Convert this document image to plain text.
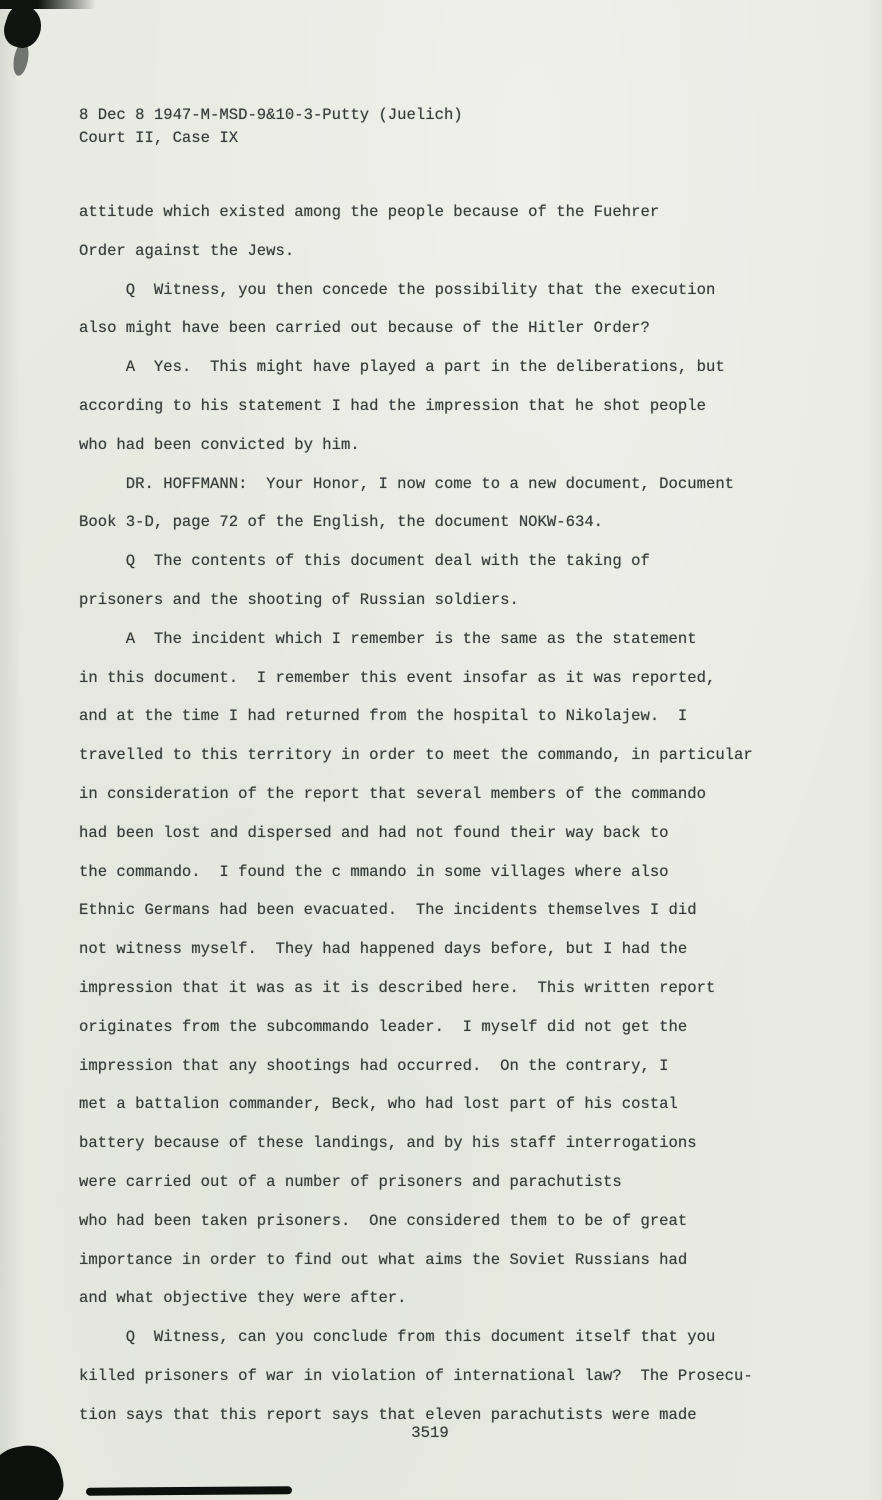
8 Dec 8 1947-M-MSD-9&10-3-Putty (Juelich)
Court II, Case IX
attitude which existed among the people because of the Fuehrer
Order against the Jews.
Q  Witness, you then concede the possibility that the execution
also might have been carried out because of the Hitler Order?
A  Yes.  This might have played a part in the deliberations, but
according to his statement I had the impression that he shot people
who had been convicted by him.
DR. HOFFMANN:  Your Honor, I now come to a new document, Document
Book 3-D, page 72 of the English, the document NOKW-634.
Q  The contents of this document deal with the taking of
prisoners and the shooting of Russian soldiers.
A  The incident which I remember is the same as the statement
in this document.  I remember this event insofar as it was reported,
and at the time I had returned from the hospital to Nikolajew.  I
travelled to this territory in order to meet the commando, in particular
in consideration of the report that several members of the commando
had been lost and dispersed and had not found their way back to
the commando.  I found the c mmando in some villages where also
Ethnic Germans had been evacuated.  The incidents themselves I did
not witness myself.  They had happened days before, but I had the
impression that it was as it is described here.  This written report
originates from the subcommando leader.  I myself did not get the
impression that any shootings had occurred.  On the contrary, I
met a battalion commander, Beck, who had lost part of his costal
battery because of these landings, and by his staff interrogations
were carried out of a number of prisoners and parachutists
who had been taken prisoners.  One considered them to be of great
importance in order to find out what aims the Soviet Russians had
and what objective they were after.
Q  Witness, can you conclude from this document itself that you
killed prisoners of war in violation of international law?  The Prosecu-
tion says that this report says that eleven parachutists were made
3519
